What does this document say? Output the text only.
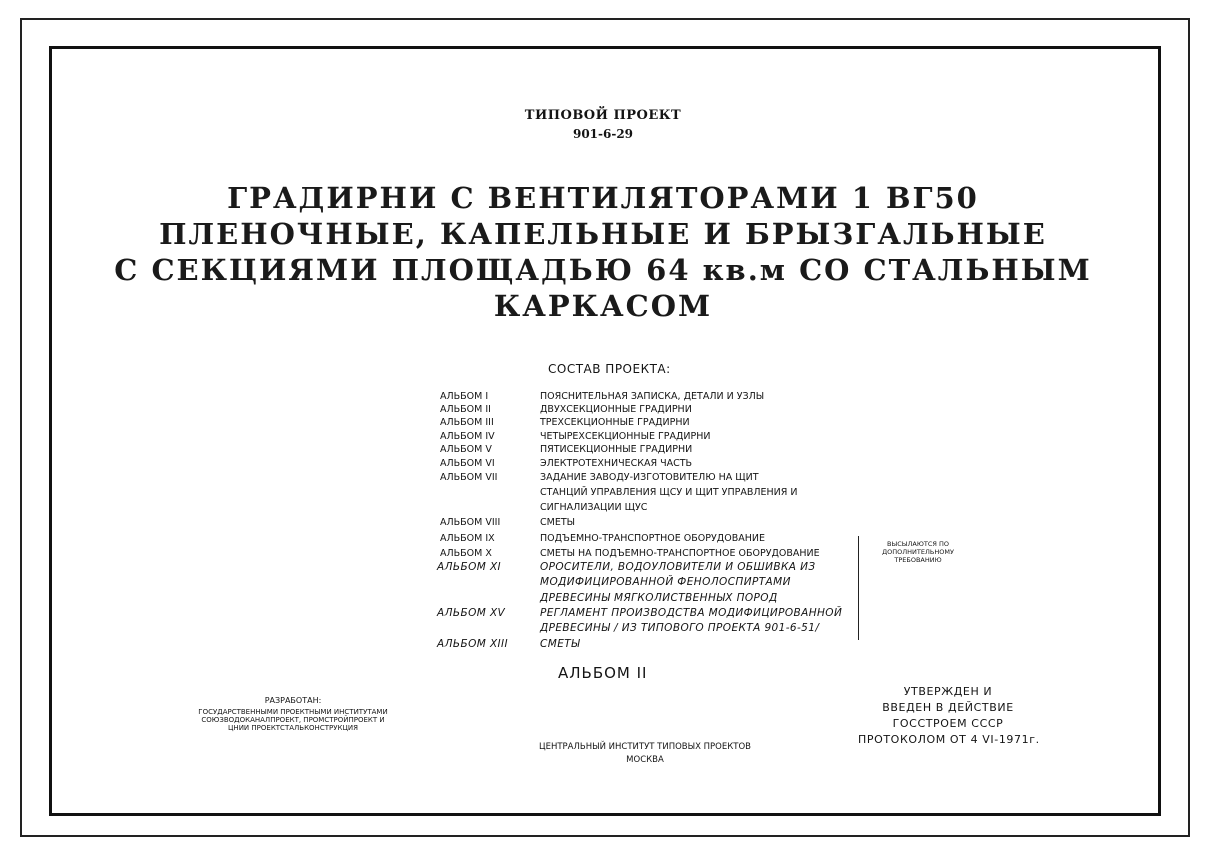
ТИПОВОЙ ПРОЕКТ
901-6-29
ГРАДИРНИ С ВЕНТИЛЯТОРАМИ 1 ВГ50
ПЛЕНОЧНЫЕ, КАПЕЛЬНЫЕ И БРЫЗГАЛЬНЫЕ
С СЕКЦИЯМИ ПЛОЩАДЬЮ 64 кв.м СО СТАЛЬНЫМ
КАРКАСОМ
СОСТАВ ПРОЕКТА:
АЛЬБОМ I	ПОЯСНИТЕЛЬНАЯ ЗАПИСКА, ДЕТАЛИ И УЗЛЫ
АЛЬБОМ II	ДВУХСЕКЦИОННЫЕ ГРАДИРНИ
АЛЬБОМ III	ТРЕХСЕКЦИОННЫЕ ГРАДИРНИ
АЛЬБОМ IV	ЧЕТЫРЕХСЕКЦИОННЫЕ ГРАДИРНИ
АЛЬБОМ V	ПЯТИСЕКЦИОННЫЕ ГРАДИРНИ
АЛЬБОМ VI	ЭЛЕКТРОТЕХНИЧЕСКАЯ ЧАСТЬ
АЛЬБОМ VII	ЗАДАНИЕ ЗАВОДУ-ИЗГОТОВИТЕЛЮ НА ЩИТ
СТАНЦИЙ УПРАВЛЕНИЯ ЩСУ И ЩИТ УПРАВЛЕНИЯ И
СИГНАЛИЗАЦИИ ЩУС
АЛЬБОМ VIII	СМЕТЫ
АЛЬБОМ IX	ПОДЪЕМНО-ТРАНСПОРТНОЕ ОБОРУДОВАНИЕ
АЛЬБОМ X	СМЕТЫ НА ПОДЪЕМНО-ТРАНСПОРТНОЕ ОБОРУДОВАНИЕ
АЛЬБОМ XI	ОРОСИТЕЛИ, ВОДОУЛОВИТЕЛИ И ОБШИВКА ИЗ
МОДИФИЦИРОВАННОЙ ФЕНОЛОСПИРТАМИ
ДРЕВЕСИНЫ МЯГКОЛИСТВЕННЫХ ПОРОД
АЛЬБОМ XV	РЕГЛАМЕНТ ПРОИЗВОДСТВА МОДИФИЦИРОВАННОЙ
ДРЕВЕСИНЫ / ИЗ ТИПОВОГО ПРОЕКТА 901-6-51/
АЛЬБОМ XIII	СМЕТЫ
ВЫСЫЛАЮТСЯ ПО ДОПОЛНИТЕЛЬНОМУ ТРЕБОВАНИЮ
АЛЬБОМ II
РАЗРАБОТАН:
ГОСУДАРСТВЕННЫМИ ПРОЕКТНЫМИ ИНСТИТУТАМИ
СОЮЗВОДОКАНАЛПРОЕКТ, ПРОМСТРОЙПРОЕКТ И
ЦНИИ ПРОЕКТСТАЛЬКОНСТРУКЦИЯ
ЦЕНТРАЛЬНЫЙ ИНСТИТУТ ТИПОВЫХ ПРОЕКТОВ
МОСКВА
УТВЕРЖДЕН И
ВВЕДЕН В ДЕЙСТВИЕ
ГОССТРОЕМ СССР
ПРОТОКОЛОМ ОТ 4 VI-1971г.
